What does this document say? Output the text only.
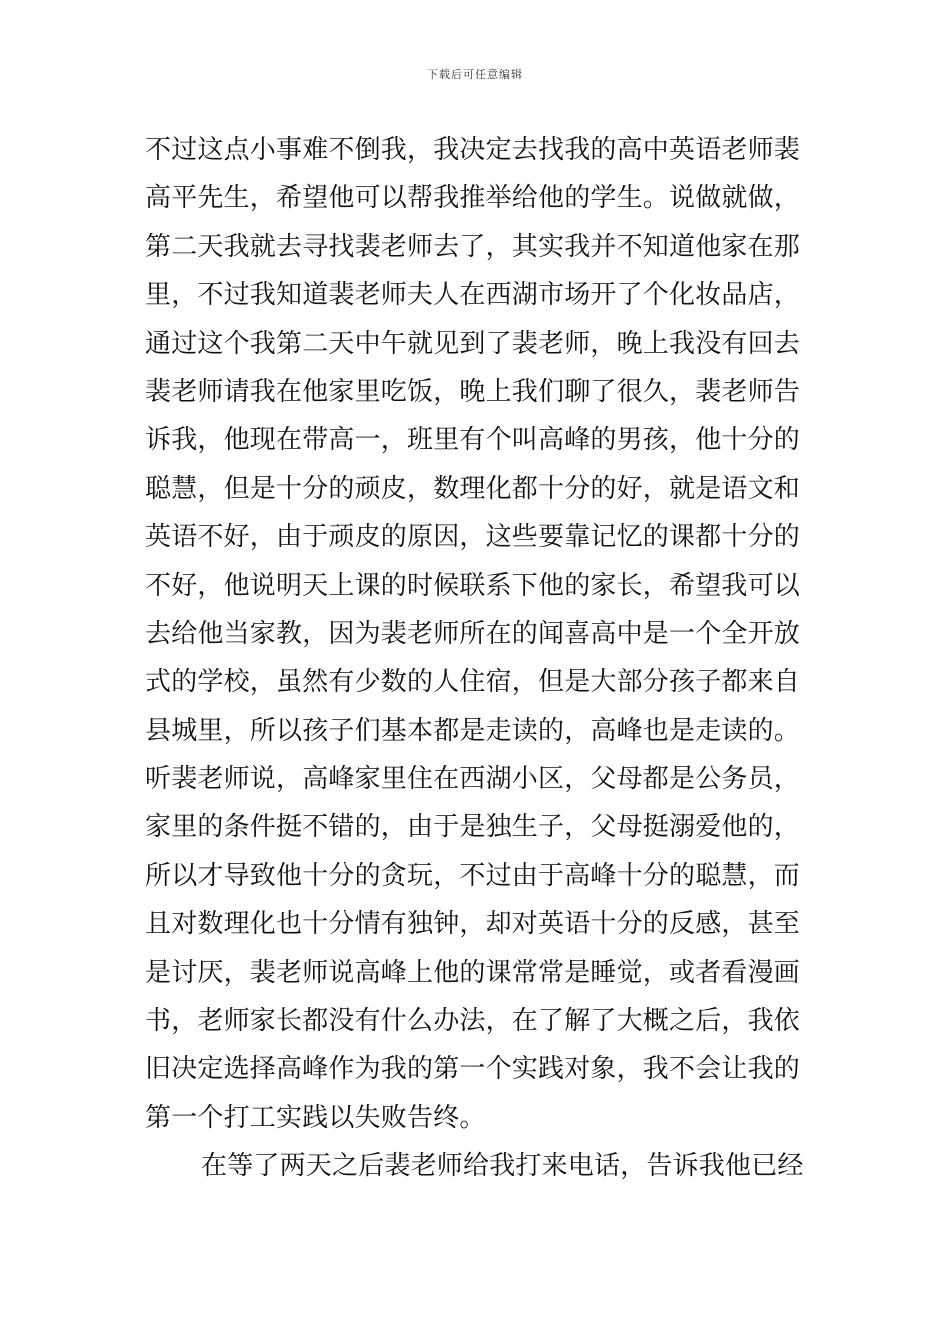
下载后可任意编辑
不过这点小事难不倒我，我决定去找我的高中英语老师裴
高平先生，希望他可以帮我推举给他的学生。说做就做，
第二天我就去寻找裴老师去了，其实我并不知道他家在那
里，不过我知道裴老师夫人在西湖市场开了个化妆品店，
通过这个我第二天中午就见到了裴老师，晚上我没有回去
裴老师请我在他家里吃饭，晚上我们聊了很久，裴老师告
诉我，他现在带高一，班里有个叫高峰的男孩，他十分的
聪慧，但是十分的顽皮，数理化都十分的好，就是语文和
英语不好，由于顽皮的原因，这些要靠记忆的课都十分的
不好，他说明天上课的时候联系下他的家长，希望我可以
去给他当家教，因为裴老师所在的闻喜高中是一个全开放
式的学校，虽然有少数的人住宿，但是大部分孩子都来自
县城里，所以孩子们基本都是走读的，高峰也是走读的。
听裴老师说，高峰家里住在西湖小区，父母都是公务员，
家里的条件挺不错的，由于是独生子，父母挺溺爱他的，
所以才导致他十分的贪玩，不过由于高峰十分的聪慧，而
且对数理化也十分情有独钟，却对英语十分的反感，甚至
是讨厌，裴老师说高峰上他的课常常是睡觉，或者看漫画
书，老师家长都没有什么办法，在了解了大概之后，我依
旧决定选择高峰作为我的第一个实践对象，我不会让我的
第一个打工实践以失败告终。
在等了两天之后裴老师给我打来电话，告诉我他已经
